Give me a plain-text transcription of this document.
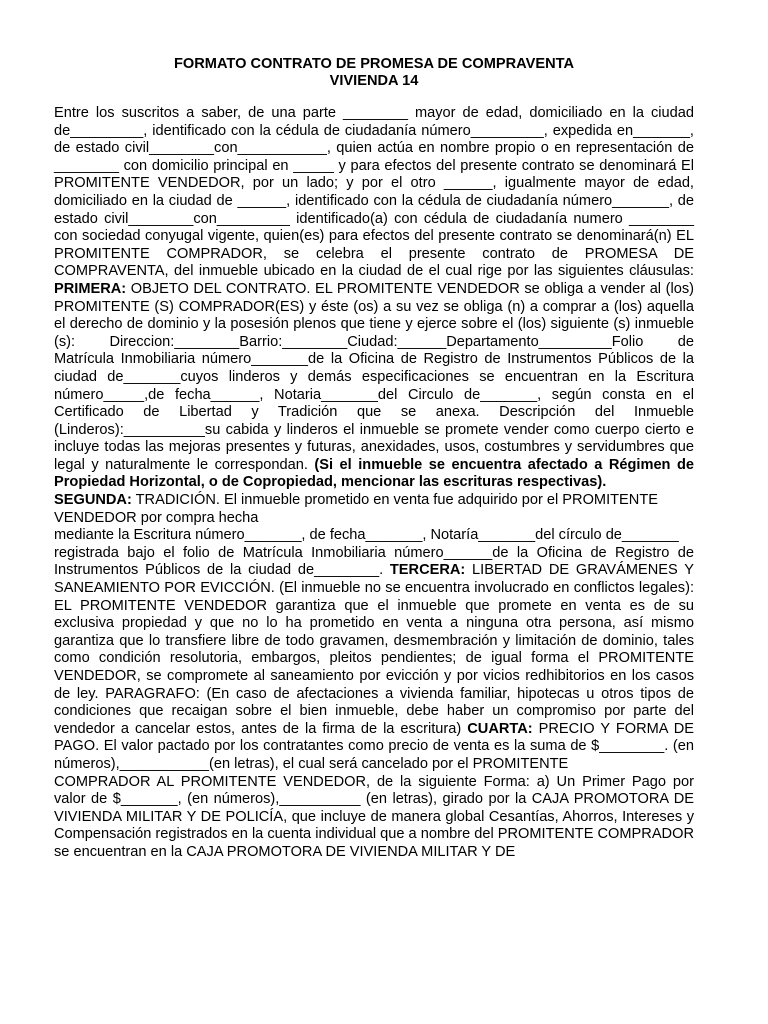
FORMATO CONTRATO DE PROMESA DE COMPRAVENTA
VIVIENDA 14

Entre los suscritos a saber, de una parte ________ mayor de edad, domiciliado en la ciudad de_________, identificado con la cédula de ciudadanía número_________, expedida en_______, de estado civil________con___________, quien actúa en nombre propio o en representación de ________ con domicilio principal en _____ y para efectos del presente contrato se denominará El PROMITENTE VENDEDOR, por un lado; y por el otro ______, igualmente mayor de edad, domiciliado en la ciudad de ______, identificado con la cédula de ciudadanía número_______, de estado civil________con_________ identificado(a) con cédula de ciudadanía numero ________ con sociedad conyugal vigente, quien(es) para efectos del presente contrato se denominará(n) EL PROMITENTE COMPRADOR, se celebra el presente contrato de PROMESA DE COMPRAVENTA, del inmueble ubicado en la ciudad de el cual rige por las siguientes cláusulas: PRIMERA: OBJETO DEL CONTRATO. EL PROMITENTE VENDEDOR se obliga a vender al (los) PROMITENTE (S) COMPRADOR(ES) y éste (os) a su vez se obliga (n) a comprar a (los) aquella el derecho de dominio y la posesión plenos que tiene y ejerce sobre el (los) siguiente (s) inmueble (s): Direccion:________Barrio:________Ciudad:______Departamento_________Folio de Matrícula Inmobiliaria número_______de la Oficina de Registro de Instrumentos Públicos de la ciudad de_______cuyos linderos y demás especificaciones se encuentran en la Escritura número_____,de fecha______, Notaria_______del Circulo de_______, según consta en el Certificado de Libertad y Tradición que se anexa. Descripción del Inmueble (Linderos):__________su cabida y linderos el inmueble se promete vender como cuerpo cierto e incluye todas las mejoras presentes y futuras, anexidades, usos, costumbres y servidumbres que legal y naturalmente le correspondan. (Si el inmueble se encuentra afectado a Régimen de Propiedad Horizontal, o de Copropiedad, mencionar las escrituras respectivas).

SEGUNDA: TRADICIÓN. El inmueble prometido en venta fue adquirido por el PROMITENTE VENDEDOR por compra hecha

mediante la Escritura número_______, de fecha_______, Notaría_______del círculo de_______

registrada bajo el folio de Matrícula Inmobiliaria número______de la Oficina de Registro de Instrumentos Públicos de la ciudad de________. TERCERA: LIBERTAD DE GRAVÁMENES Y SANEAMIENTO POR EVICCIÓN. (El inmueble no se encuentra involucrado en conflictos legales): EL PROMITENTE VENDEDOR garantiza que el inmueble que promete en venta es de su exclusiva propiedad y que no lo ha prometido en venta a ninguna otra persona, así mismo garantiza que lo transfiere libre de todo gravamen, desmembración y limitación de dominio, tales como condición resolutoria, embargos, pleitos pendientes; de igual forma el PROMITENTE VENDEDOR, se compromete al saneamiento por evicción y por vicios redhibitorios en los casos de ley. PARAGRAFO: (En caso de afectaciones a vivienda familiar, hipotecas u otros tipos de condiciones que recaigan sobre el bien inmueble, debe haber un compromiso por parte del vendedor a cancelar estos, antes de la firma de la escritura) CUARTA: PRECIO Y FORMA DE PAGO. El valor pactado por los contratantes como precio de venta es la suma de $________. (en números),___________(en letras), el cual será cancelado por el PROMITENTE

COMPRADOR AL PROMITENTE VENDEDOR, de la siguiente Forma: a) Un Primer Pago por valor de $_______, (en números),__________ (en letras), girado por la CAJA PROMOTORA DE VIVIENDA MILITAR Y DE POLICÍA, que incluye de manera global Cesantías, Ahorros, Intereses y Compensación registrados en la cuenta individual que a nombre del PROMITENTE COMPRADOR se encuentran en la CAJA PROMOTORA DE VIVIENDA MILITAR Y DE
